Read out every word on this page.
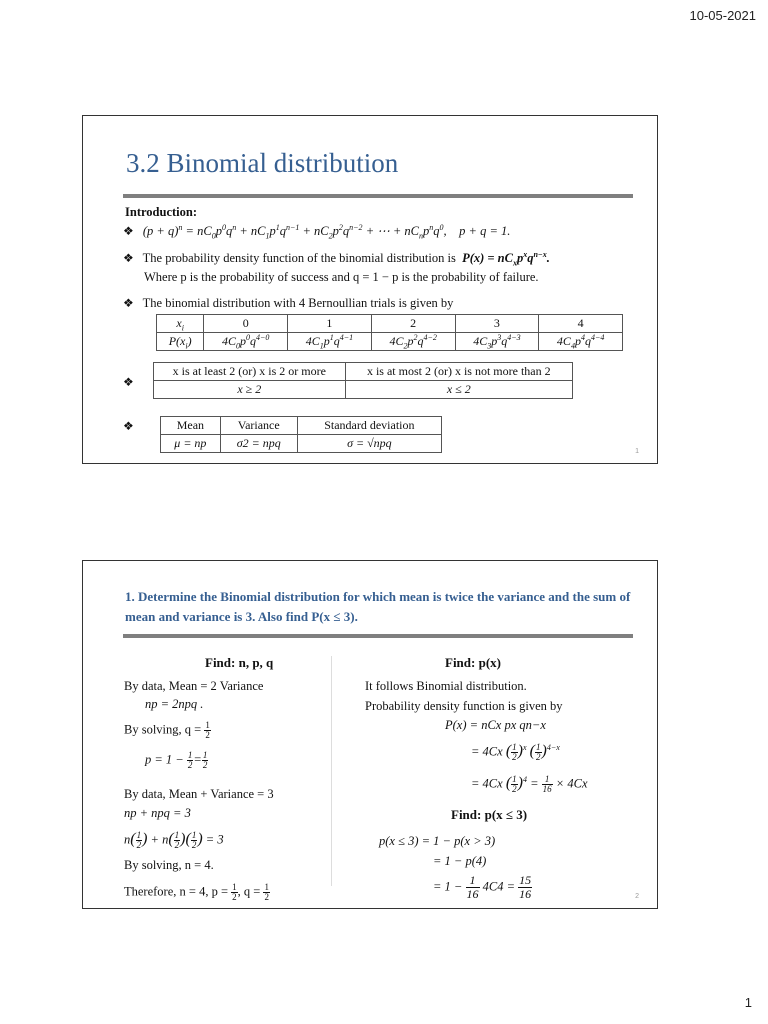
10-05-2021
3.2 Binomial distribution
Introduction:
❖ $(p + q)^n = nC_0p^0q^n + nC_1p^1q^{n-1} + nC_2p^2q^{n-2}$ + ⋯ + $nC_np^nq^0$, p + q = 1.
❖ The probability density function of the binomial distribution is $P(x) = nC_xp^xq^{n-x}$.
Where p is the probability of success and q = 1 − p is the probability of failure.
❖ The binomial distribution with 4 Bernoullian trials is given by
$x_i$	0	1	2	3	4
$P(x_i)$	$4C_0p^0q^{4-0}$	$4C_1p^1q^{4-1}$	$4C_2p^2q^{4-2}$	$4C_3p^3q^{4-3}$	$4C_4p^4q^{4-4}$
❖
x is at least 2 (or) x is 2 or more	x is at most 2 (or) x is not more than 2
x ≥ 2	x ≤ 2
❖	Mean	Variance	Standard deviation
μ = np	σ2 = npq	σ = √npq
1
1. Determine the Binomial distribution for which mean is twice the variance and the sum of mean and variance is 3. Also find P(x ≤ 3).
Find: n, p, q	Find: p(x)
By data, Mean = 2 Variance
np = 2npq .
By solving, $q = \frac{1}{2}$
$p = 1 - \frac{1}{2} = \frac{1}{2}$
By data, Mean + Variance = 3
np + npq = 3
$n( \frac{1}{2}$ ) + $n( \frac{1}{2}$ )( $\frac{1}{2}$ ) = 3
By solving, n = 4.
Therefore, n = 4, $p = \frac{1}{2}$ , $q = \frac{1}{2}$
It follows Binomial distribution.
Probability density function is given by
P(x) = nCx px qn−x
= 4Cx ( $\frac{1}{2} )^x$ ( $\frac{1}{2} )^{4-x}$
= 4Cx ( $\frac{1}{2} )^4 = \frac{1}{16} \times 4Cx$
Find: p(x ≤ 3)
p(x ≤ 3) = 1 − p(x > 3)
= 1 − p(4)
= $1 - \frac{1}{16} 4C4 = \frac{15}{16}$	2
1
